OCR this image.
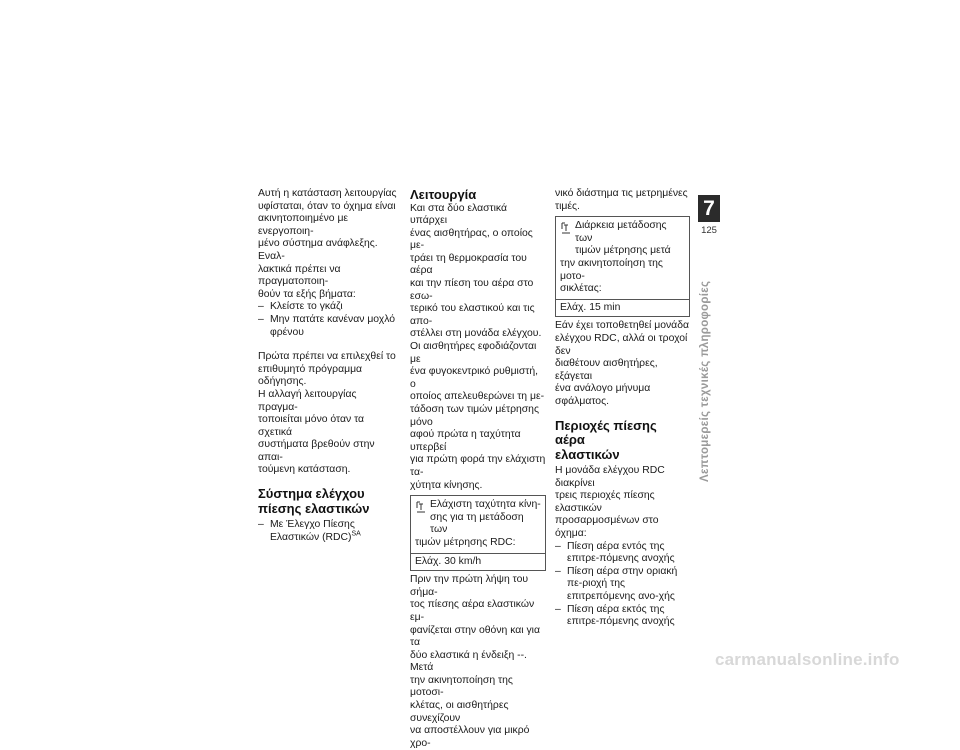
Αυτή η κατάσταση λειτουργίας
υφίσταται, όταν το όχημα είναι
ακινητοποιημένο με ενεργοποιη-
μένο σύστημα ανάφλεξης. Εναλ-
λακτικά πρέπει να πραγματοποιη-
θούν τα εξής βήματα:

– Κλείστε το γκάζι
– Μην πατάτε κανέναν μοχλό φρένου

Πρώτα πρέπει να επιλεχθεί το
επιθυμητό πρόγραμμα οδήγησης.
Η αλλαγή λειτουργίας πραγμα-
τοποιείται μόνο όταν τα σχετικά
συστήματα βρεθούν στην απαι-
τούμενη κατάσταση.

Σύστημα ελέγχου
πίεσης ελαστικών
– Με Έλεγχο Πίεσης Ελαστικών (RDC)$^{SA}$
Λειτουργία

Και στα δύο ελαστικά υπάρχει
ένας αισθητήρας, ο οποίος με-
τράει τη θερμοκρασία του αέρα
και την πίεση του αέρα στο εσω-
τερικό του ελαστικού και τις απο-
στέλλει στη μονάδα ελέγχου.
Οι αισθητήρες εφοδιάζονται με
ένα φυγοκεντρικό ρυθμιστή, ο
οποίος απελευθερώνει τη με-
τάδοση των τιμών μέτρησης μόνο
αφού πρώτα η ταχύτητα υπερβεί
για πρώτη φορά την ελάχιστη τα-
χύτητα κίνησης.

Ελάχιστη ταχύτητα κίνη-
σης για τη μετάδοση των
τιμών μέτρησης RDC:
Ελάχ. 30 km/h

Πριν την πρώτη λήψη του σήμα-
τος πίεσης αέρα ελαστικών εμ-
φανίζεται στην οθόνη και για τα
δύο ελαστικά η ένδειξη --. Μετά
την ακινητοποίηση της μοτοσι-
κλέτας, οι αισθητήρες συνεχίζουν
να αποστέλλουν για μικρό χρο-

νικό διάστημα τις μετρημένες
τιμές.

Διάρκεια μετάδοσης των
τιμών μέτρησης μετά
την ακινητοποίηση της μοτο-
σικλέτας:
Ελάχ. 15 min

Εάν έχει τοποθετηθεί μονάδα
ελέγχου RDC, αλλά οι τροχοί δεν
διαθέτουν αισθητήρες, εξάγεται
ένα ανάλογο μήνυμα σφάλματος.

Περιοχές πίεσης αέρα
ελαστικών

Η μονάδα ελέγχου RDC διακρίνει
τρεις περιοχές πίεσης ελαστικών
προσαρμοσμένων στο όχημα:

– Πίεση αέρα εντός της επιτρε-πόμενης ανοχής
– Πίεση αέρα στην οριακή πε-ριοχή της επιτρεπόμενης ανο-χής
– Πίεση αέρα εκτός της επιτρε-πόμενης ανοχής
7
125
Λεπτομερείς τεχνικές πληροφορίες
carmanualsonline.info
